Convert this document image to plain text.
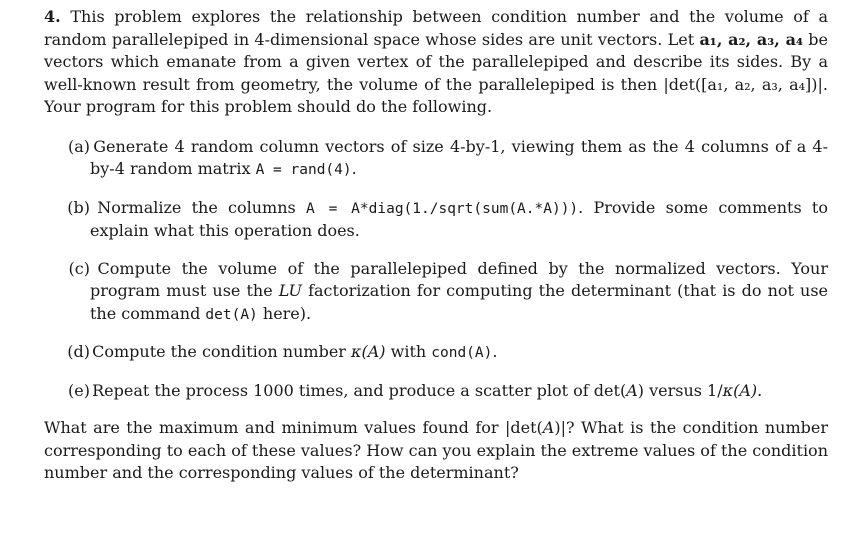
4. This problem explores the relationship between condition number and the volume of a random parallelepiped in 4-dimensional space whose sides are unit vectors. Let a₁, a₂, a₃, a₄ be vectors which emanate from a given vertex of the parallelepiped and describe its sides. By a well-known result from geometry, the volume of the parallelepiped is then |det([a₁, a₂, a₃, a₄])|. Your program for this problem should do the following.

(a) Generate 4 random column vectors of size 4-by-1, viewing them as the 4 columns of a 4-by-4 random matrix A = rand(4).
(b) Normalize the columns A = A*diag(1./sqrt(sum(A.*A))). Provide some comments to explain what this operation does.
(c) Compute the volume of the parallelepiped defined by the normalized vectors. Your program must use the LU factorization for computing the determinant (that is do not use the command det(A) here).
(d) Compute the condition number κ(A) with cond(A).
(e) Repeat the process 1000 times, and produce a scatter plot of det(A) versus 1/κ(A).

What are the maximum and minimum values found for |det(A)|? What is the condition number corresponding to each of these values? How can you explain the extreme values of the condition number and the corresponding values of the determinant?
